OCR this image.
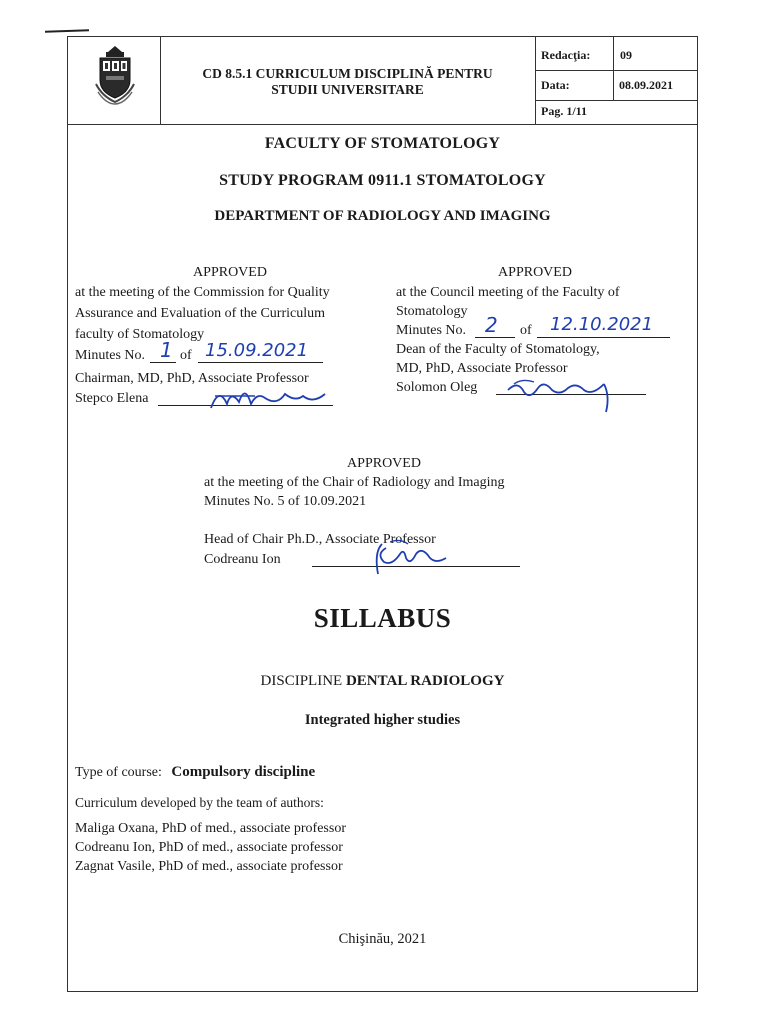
CD 8.5.1 CURRICULUM DISCIPLINĂ PENTRU
STUDII UNIVERSITARE
Redacţia: 09
Data:	08.09.2021
Pag. 1/11
FACULTY OF STOMATOLOGY
STUDY PROGRAM 0911.1 STOMATOLOGY
DEPARTMENT OF RADIOLOGY AND IMAGING
APPROVED
at the meeting of the Commission for Quality
Assurance and Evaluation of the Curriculum
faculty of Stomatology
Minutes No. 1 of 15.09.2021
Chairman, MD, PhD, Associate Professor
Stepco Elena
APPROVED
at the Council meeting of the Faculty of
Stomatology
Minutes No. 2 of 12.10.2021
Dean of the Faculty of Stomatology,
MD, PhD, Associate Professor
Solomon Oleg
APPROVED
at the meeting of the Chair of Radiology and Imaging
Minutes No. 5 of 10.09.2021
Head of Chair Ph.D., Associate Professor
Codreanu Ion
SILLABUS
DISCIPLINE DENTAL RADIOLOGY
Integrated higher studies
Type of course: Compulsory discipline
Curriculum developed by the team of authors:
Maliga Oxana, PhD of med., associate professor
Codreanu Ion, PhD of med., associate professor
Zagnat Vasile, PhD of med., associate professor
Chişinău, 2021
